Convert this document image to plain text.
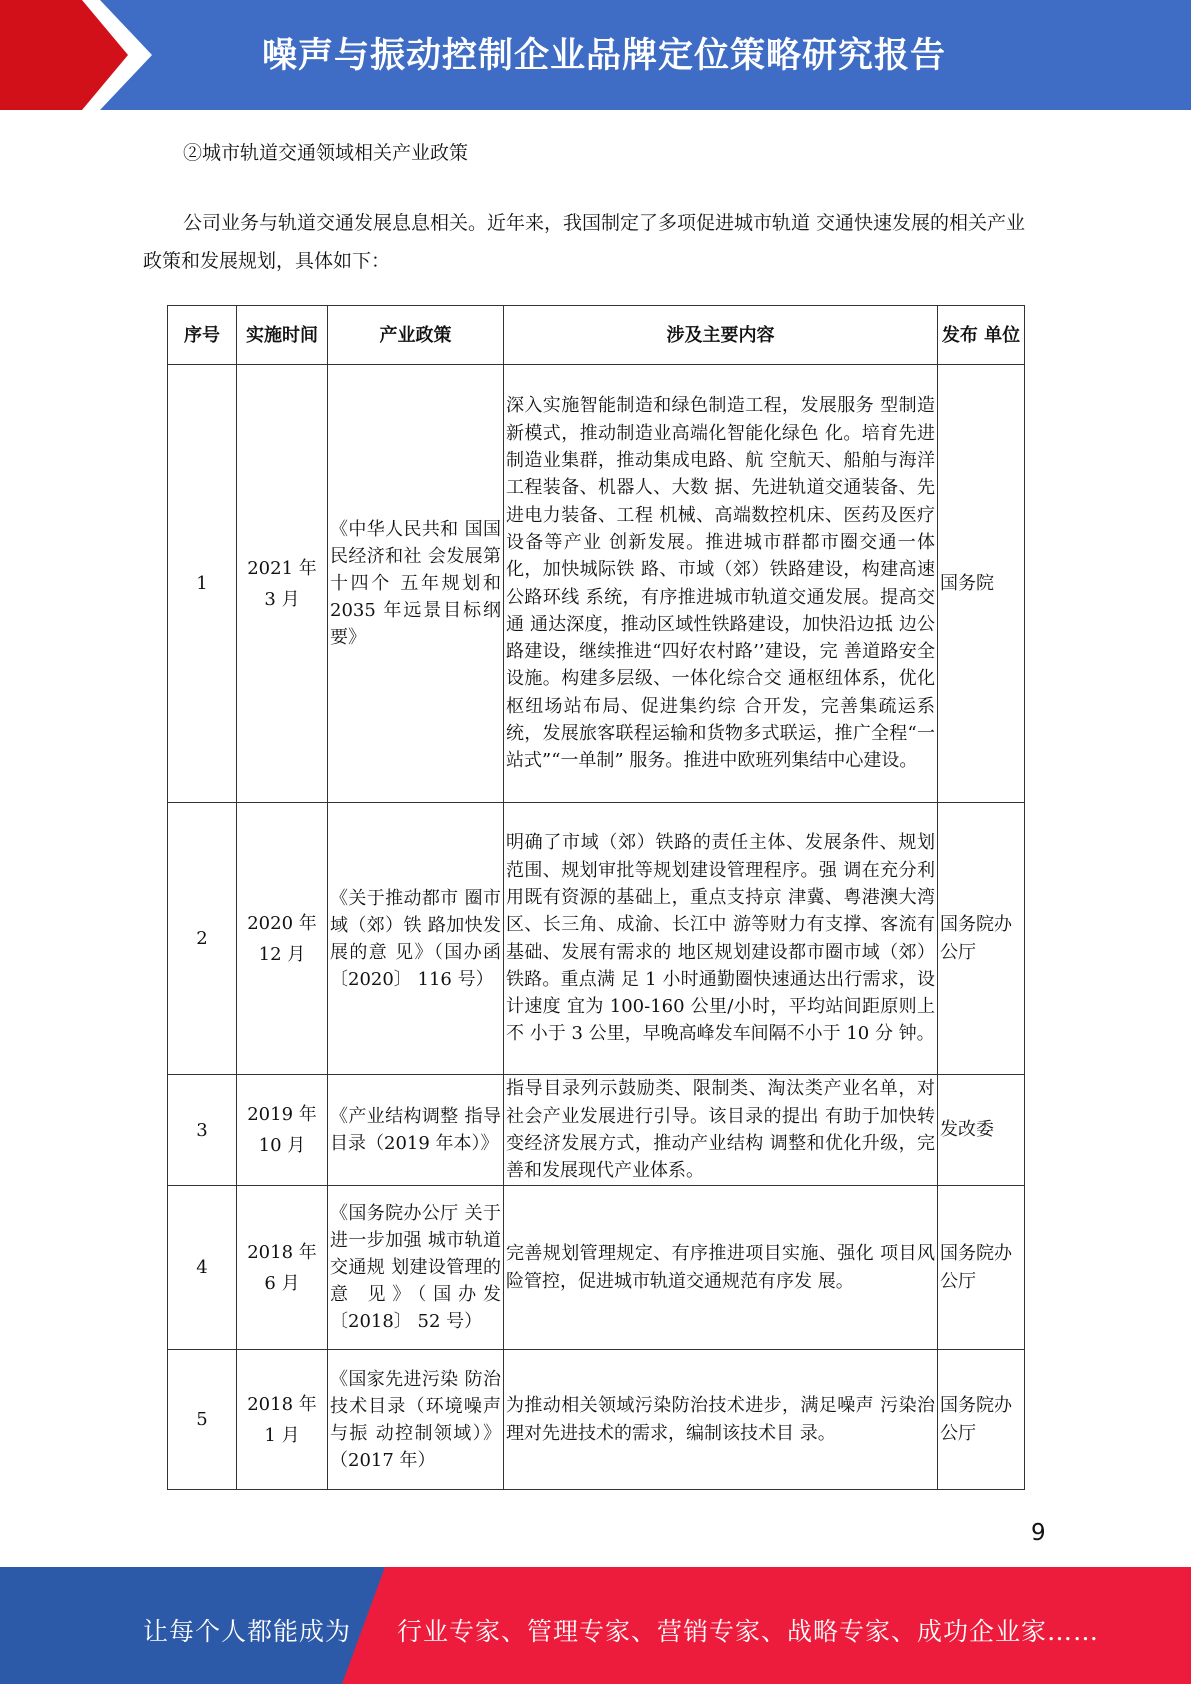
噪声与振动控制企业品牌定位策略研究报告
②城市轨道交通领域相关产业政策
公司业务与轨道交通发展息息相关。近年来，我国制定了多项促进城市轨道 交通快速发展的相关产业政策和发展规划，具体如下：
序号	实施时间	产业政策	涉及主要内容	发布 单位
1	2021 年 3 月	《中华人民共和 国国民经济和社 会发展第十四个 五年规划和 2035 年远景目标纲 要》	深入实施智能制造和绿色制造工程，发展服务 型制造新模式，推动制造业高端化智能化绿色 化。培育先进制造业集群，推动集成电路、航 空航天、船舶与海洋工程装备、机器人、大数 据、先进轨道交通装备、先进电力装备、工程 机械、高端数控机床、医药及医疗设备等产业 创新发展。推进城市群都市圈交通一体化，加快城际铁 路、市域（郊）铁路建设，构建高速公路环线 系统，有序推进城市轨道交通发展。提高交通 通达深度，推动区域性铁路建设，加快沿边抵 边公路建设，继续推进“四好农村路’’建设，完 善道路安全设施。构建多层级、一体化综合交 通枢纽体系，优化枢纽场站布局、促进集约综 合开发，完善集疏运系统，发展旅客联程运输和货物多式联运，推广全程“一站式”“一单制” 服务。推进中欧班列集结中心建设。	国务院
2	2020 年 12 月	《关于推动都市 圈市域（郊）铁 路加快发展的意 见》（国办函〔2020〕 116 号）	明确了市域（郊）铁路的责任主体、发展条件、规划范围、规划审批等规划建设管理程序。强 调在充分利用既有资源的基础上，重点支持京 津冀、粤港澳大湾区、长三角、成渝、长江中 游等财力有支撑、客流有基础、发展有需求的 地区规划建设都市圈市域（郊）铁路。重点满 足 1 小时通勤圈快速通达出行需求，设计速度 宜为 100-160 公里/小时，平均站间距原则上不 小于 3 公里，早晚高峰发车间隔不小于 10 分 钟。	国务院办公厅
3	2019 年 10 月	《产业结构调整 指导目录（2019 年本）》	指导目录列示鼓励类、限制类、淘汰类产业名单，对社会产业发展进行引导。该目录的提出 有助于加快转变经济发展方式，推动产业结构 调整和优化升级，完善和发展现代产业体系。	发改委
4	2018 年 6 月	《国务院办公厅 关于进一步加强 城市轨道交通规 划建设管理的意 见》（国办发〔2018〕 52 号）	完善规划管理规定、有序推进项目实施、强化 项目风险管控，促进城市轨道交通规范有序发 展。	国务院办公厅
5	2018 年 1 月	《国家先进污染 防治技术目录（环境噪声与振 动控制领域）》（2017 年）	为推动相关领域污染防治技术进步，满足噪声 污染治理对先进技术的需求，编制该技术目 录。	国务院办公厅
9
让每个人都能成为 行业专家、管理专家、营销专家、战略专家、成功企业家……
